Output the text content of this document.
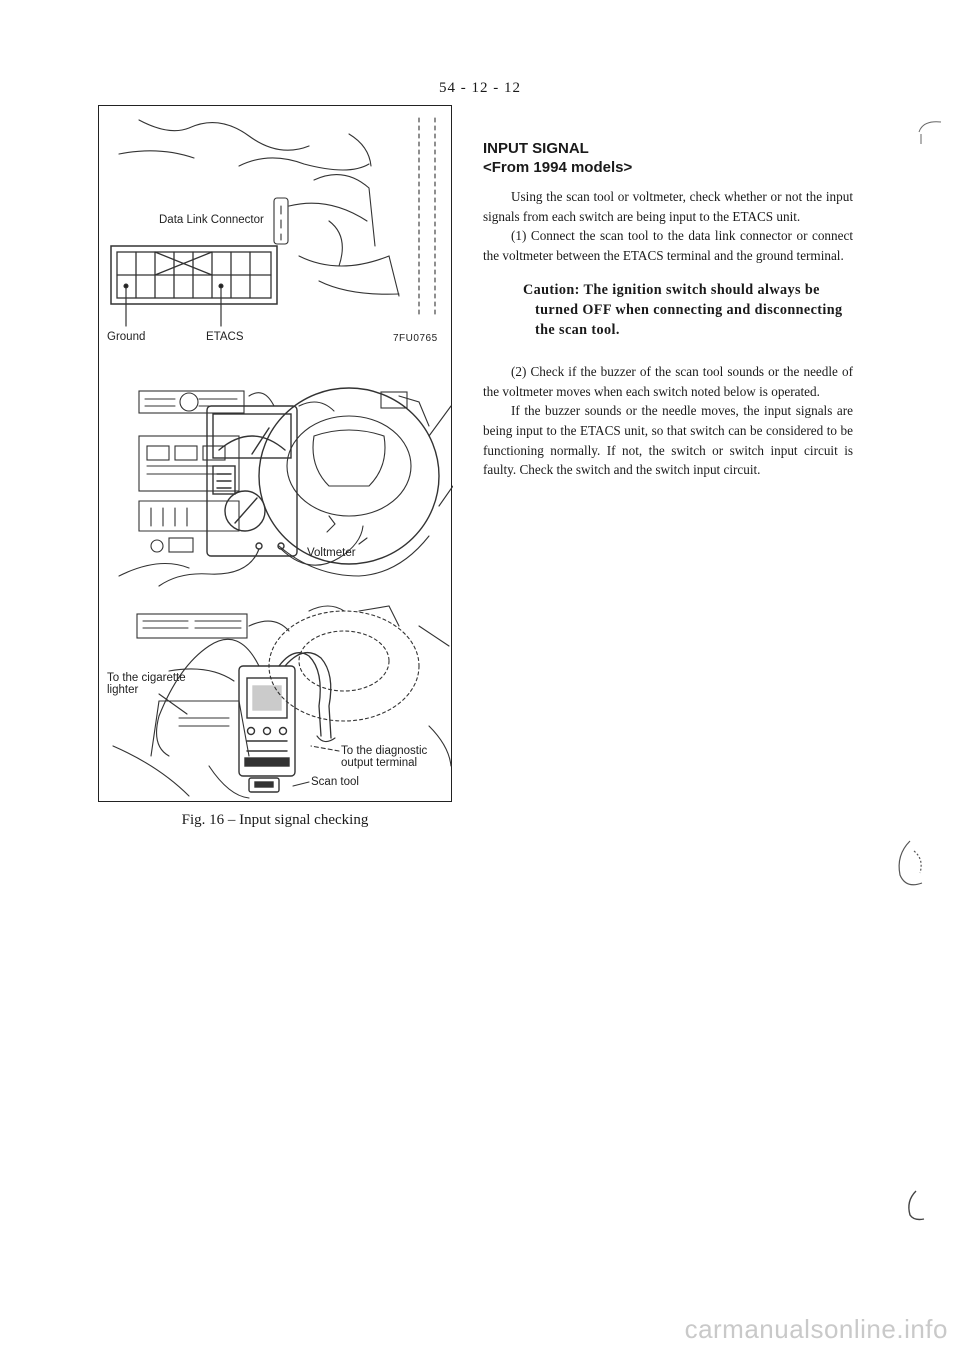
54 - 12 - 12
Data Link Connector
Ground	ETACS	7FU0765
Voltmeter
To the cigarette
lighter
To the diagnostic
output terminal
Scan tool
Fig. 16 – Input signal checking

INPUT SIGNAL

<From 1994 models>

Using the scan tool or voltmeter, check whether or not the input signals from each switch are being input to the ETACS unit.

(1) Connect the scan tool to the data link connector or connect the voltmeter between the ETACS terminal and the ground terminal.

Caution: The ignition switch should always be turned OFF when connecting and disconnecting the scan tool.

(2) Check if the buzzer of the scan tool sounds or the needle of the voltmeter moves when each switch noted below is operated.

If the buzzer sounds or the needle moves, the input signals are being input to the ETACS unit, so that switch can be considered to be functioning normally. If not, the switch or switch input circuit is faulty. Check the switch and the switch input circuit.

carmanualsonline.info
